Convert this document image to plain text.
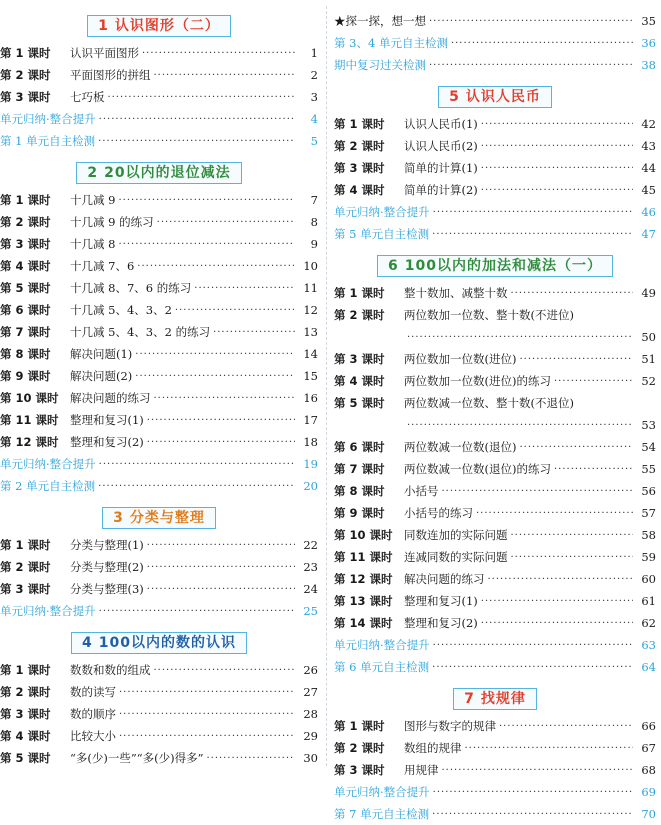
1 认识图形（二）
第 1 课时	认识平面图形 ·····	1
第 2 课时	平面图形的拼组 ·····	2
第 3 课时	七巧板 ·····	3
单元归纳·整合提升 ·····	4
第 1 单元自主检测 ·····	5
2 20以内的退位减法
第 1 课时	十几减 9 ·····	7
第 2 课时	十几减 9 的练习 ·····	8
第 3 课时	十几减 8 ·····	9
第 4 课时	十几减 7、6 ·····	10
第 5 课时	十几减 8、7、6 的练习 ·····	11
第 6 课时	十几减 5、4、3、2 ·····	12
第 7 课时	十几减 5、4、3、2 的练习 ·····	13
第 8 课时	解决问题(1) ·····	14
第 9 课时	解决问题(2) ·····	15
第 10 课时 解决问题的练习 ·····	16
第 11 课时 整理和复习(1) ·····	17
第 12 课时 整理和复习(2) ·····	18
单元归纳·整合提升 ·····	19
第 2 单元自主检测 ·····	20
3 分类与整理
第 1 课时	分类与整理(1) ·····	22
第 2 课时	分类与整理(2) ·····	23
第 3 课时	分类与整理(3) ·····	24
单元归纳·整合提升 ·····	25
4 100以内的数的认识
第 1 课时	数数和数的组成 ·····	26
第 2 课时	数的读写 ·····	27
第 3 课时	数的顺序 ·····	28
第 4 课时	比较大小 ·····	29
第 5 课时	“多(少)一些”“多(少)得多” ·····	30
★探一探，想一想 ·····	35
第 3、4 单元自主检测 ·····	36
期中复习过关检测 ·····	38
5 认识人民币
第 1 课时	认识人民币(1) ·····	42
第 2 课时	认识人民币(2) ·····	43
第 3 课时	简单的计算(1) ·····	44
第 4 课时	简单的计算(2) ·····	45
单元归纳·整合提升 ·····	46
第 5 单元自主检测 ·····	47
6 100以内的加法和减法（一）
第 1 课时	整十数加、减整十数 ·····	49
第 2 课时	两位数加一位数、整十数(不进位)
·····
50
第 3 课时	两位数加一位数(进位) ·····	51
第 4 课时	两位数加一位数(进位)的练习 ·····	52
第 5 课时	两位数减一位数、整十数(不退位)
·····
53
第 6 课时	两位数减一位数(退位) ·····	54
第 7 课时	两位数减一位数(退位)的练习 ·····	55
第 8 课时	小括号 ·····	56
第 9 课时	小括号的练习 ·····	57
第 10 课时 同数连加的实际问题 ·····	58
第 11 课时 连减同数的实际问题 ·····	59
第 12 课时 解决问题的练习 ·····	60
第 13 课时 整理和复习(1) ·····	61
第 14 课时 整理和复习(2) ·····	62
单元归纳·整合提升 ·····	63
第 6 单元自主检测 ·····	64
7 找规律
第 1 课时	图形与数字的规律 ·····	66
第 2 课时	数组的规律 ·····	67
第 3 课时	用规律 ·····	68
单元归纳·整合提升 ·····	69
第 7 单元自主检测 ·····	70
